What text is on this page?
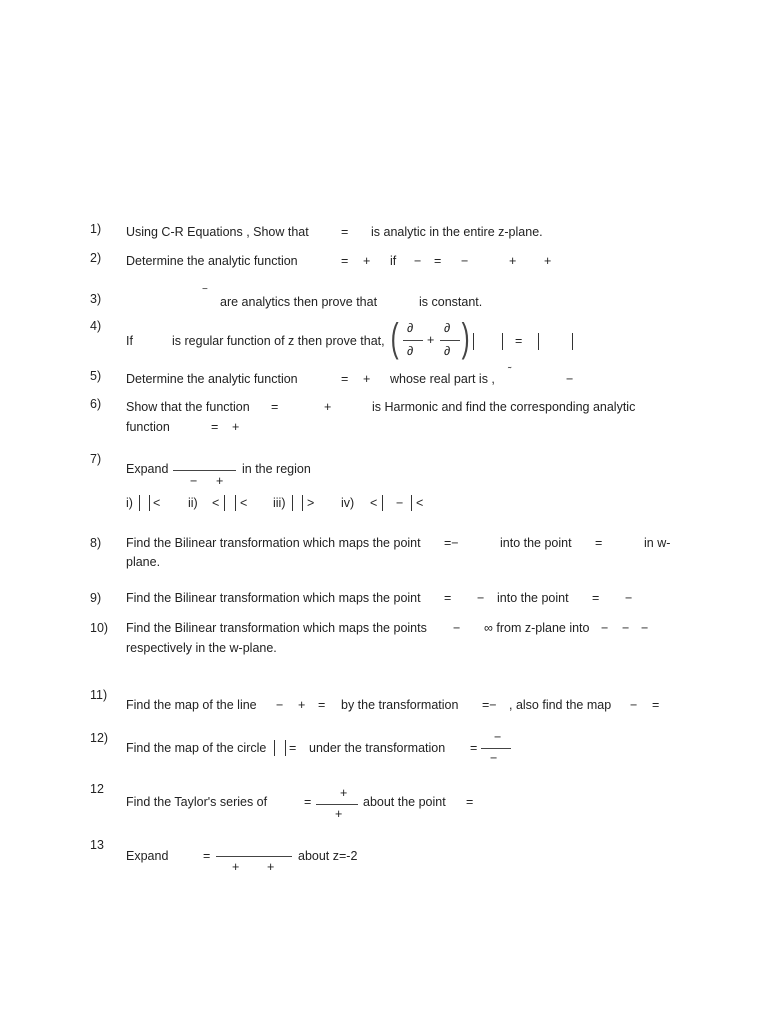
1) Using C-R Equations , Show that	= is analytic in the entire z-plane.
2) Determine the analytic function	= + if − = −	+ +
3)
−
are analytics then prove that	is constant.
4)
If	is regular function of z then prove that, ( ∂
∂
+
∂
∂ )	=
5) Determine the analytic function	= + whose real part is ,
˜
−
6) Show that the function =	+	is Harmonic and find the corresponding analytic
function	= +
7)
Expand
− +
in the region
i) < ii) < < iii) > iv) < − <
8) Find the Bilinear transformation which maps the point =−	into the point =	in w-
plane.
9) Find the Bilinear transformation which maps the point = − into the point = −
10) Find the Bilinear transformation which maps the points − ∞ from z-plane into − − −
respectively in the w-plane.
11)
Find the map of the line − + = by the transformation =− , also find the map − =
12)
Find the map of the circle = under the transformation =
−
−
12
Find the Taylor's series of	=
+
+
about the point =
13
Expand	=
+ +
about z=-2
